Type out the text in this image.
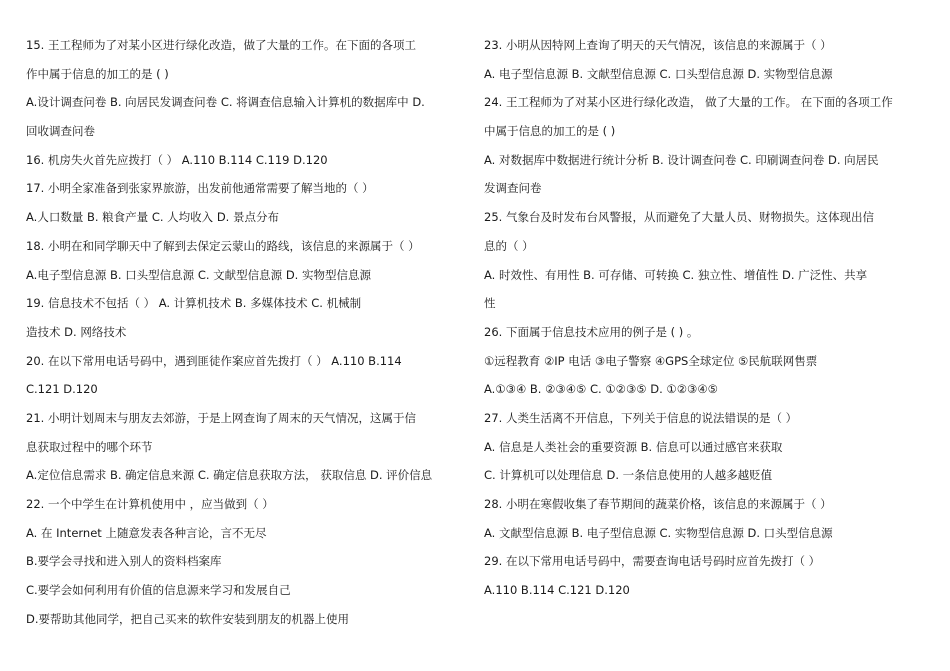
15. 王工程师为了对某小区进行绿化改造，做了大量的工作。在下面的各项工
作中属于信息的加工的是 ( )
A.设计调查问卷 B. 向居民发调查问卷 C. 将调查信息输入计算机的数据库中 D.
回收调查问卷
16. 机房失火首先应拨打（ ） A.110 B.114 C.119 D.120
17. 小明全家准备到张家界旅游，出发前他通常需要了解当地的（ ）
A.人口数量 B. 粮食产量 C. 人均收入 D. 景点分布
18. 小明在和同学聊天中了解到去保定云蒙山的路线，该信息的来源属于（ ）
A.电子型信息源 B. 口头型信息源 C. 文献型信息源 D. 实物型信息源
19. 信息技术不包括（ ） A. 计算机技术 B. 多媒体技术 C. 机械制
造技术 D. 网络技术
20. 在以下常用电话号码中，遇到匪徒作案应首先拨打（ ） A.110 B.114
C.121 D.120
21. 小明计划周末与朋友去郊游，于是上网查询了周末的天气情况，这属于信
息获取过程中的哪个环节
A.定位信息需求 B. 确定信息来源 C. 确定信息获取方法， 获取信息 D. 评价信息
22. 一个中学生在计算机使用中 ，应当做到（ ）
A. 在 Internet 上随意发表各种言论，言不无尽
B.要学会寻找和进入别人的资料档案库
C.要学会如何利用有价值的信息源来学习和发展自己
D.要帮助其他同学，把自己买来的软件安装到朋友的机器上使用
23. 小明从因特网上查询了明天的天气情况，该信息的来源属于（ ）
A. 电子型信息源 B. 文献型信息源 C. 口头型信息源 D. 实物型信息源
24. 王工程师为了对某小区进行绿化改造， 做了大量的工作。 在下面的各项工作
中属于信息的加工的是 ( )
A. 对数据库中数据进行统计分析 B. 设计调查问卷 C. 印刷调查问卷 D. 向居民
发调查问卷
25. 气象台及时发布台风警报，从而避免了大量人员、财物损失。这体现出信
息的（ ）
A. 时效性、有用性 B. 可存储、可转换 C. 独立性、增值性 D. 广泛性、共享
性
26. 下面属于信息技术应用的例子是 ( ) 。
①远程教育 ②IP 电话 ③电子警察 ④GPS全球定位 ⑤民航联网售票
A.①③④ B. ②③④⑤ C. ①②③⑤ D. ①②③④⑤
27. 人类生活离不开信息，下列关于信息的说法错误的是（ ）
A. 信息是人类社会的重要资源 B. 信息可以通过感官来获取
C. 计算机可以处理信息 D. 一条信息使用的人越多越贬值
28. 小明在寒假收集了春节期间的蔬菜价格，该信息的来源属于（ ）
A. 文献型信息源 B. 电子型信息源 C. 实物型信息源 D. 口头型信息源
29. 在以下常用电话号码中，需要查询电话号码时应首先拨打（ ）
A.110 B.114 C.121 D.120
